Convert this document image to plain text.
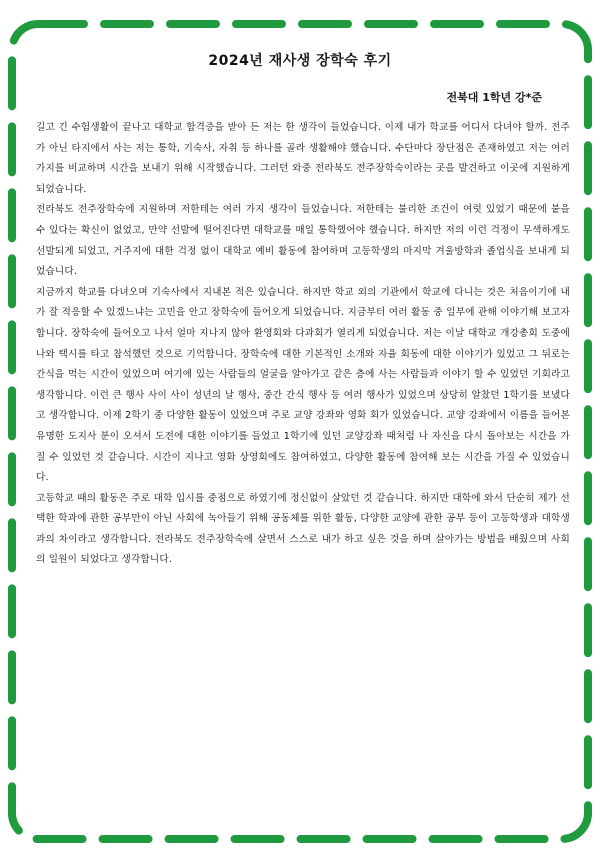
2024년 재사생 장학숙 후기
전북대 1학년 강*준

길고 긴 수험생활이 끝나고 대학교 합격증을 받아 든 저는 한 생각이 들었습니다. 이제 내가 학교를 어디서 다녀야 할까. 전주가 아닌 타지에서 사는 저는 통학, 기숙사, 자취 등 하나를 골라 생활해야 했습니다. 수단마다 장단점은 존재하였고 저는 여러 가지를 비교하며 시간을 보내기 위해 시작했습니다. 그러던 와중 전라북도 전주장학숙이라는 곳을 발견하고 이곳에 지원하게 되었습니다.

전라북도 전주장학숙에 지원하며 저한테는 여러 가지 생각이 들었습니다. 저한테는 불리한 조건이 여럿 있었기 때문에 붙을 수 있다는 확신이 없었고, 만약 선발에 떨어진다면 대학교를 매일 통학했어야 했습니다. 하지만 저의 이런 걱정이 무색하게도 선발되게 되었고, 거주지에 대한 걱정 없이 대학교 예비 활동에 참여하며 고등학생의 마지막 겨울방학과 졸업식을 보내게 되었습니다.

지금까지 학교를 다녀오며 기숙사에서 지내본 적은 있습니다. 하지만 학교 외의 기관에서 학교에 다니는 것은 처음이기에 내가 잘 적응할 수 있겠느냐는 고민을 안고 장학숙에 들어오게 되었습니다. 지금부터 여러 활동 중 일부에 관해 이야기해 보고자 합니다. 장학숙에 들어오고 나서 얼마 지나지 않아 환영회와 다과회가 열리게 되었습니다. 저는 이날 대학교 개강총회 도중에 나와 택시를 타고 참석했던 것으로 기억합니다. 장학숙에 대한 기본적인 소개와 자율 회동에 대한 이야기가 있었고 그 뒤로는 간식을 먹는 시간이 있었으며 여기에 있는 사람들의 얼굴을 알아가고 같은 층에 사는 사람들과 이야기 할 수 있었던 기회라고 생각합니다. 이런 큰 행사 사이 사이 성년의 날 행사, 중간 간식 행사 등 여러 행사가 있었으며 상당히 알찼던 1학기를 보냈다고 생각합니다. 이제 2학기 중 다양한 활동이 있었으며 주로 교양 강좌와 영화 회가 있었습니다. 교양 강좌에서 이름을 들어본 유명한 도지사 분이 오셔서 도전에 대한 이야기를 들었고 1학기에 있던 교양강좌 때처럼 나 자신을 다시 돌아보는 시간을 가질 수 있었던 것 같습니다. 시간이 지나고 영화 상영회에도 참여하였고, 다양한 활동에 참여해 보는 시간을 가질 수 있었습니다.

고등학교 때의 활동은 주로 대학 입시를 중점으로 하였기에 정신없이 살았던 것 같습니다. 하지만 대학에 와서 단순히 제가 선택한 학과에 관한 공부만이 아닌 사회에 녹아들기 위해 공동체를 위한 활동, 다양한 교양에 관한 공부 등이 고등학생과 대학생과의 차이라고 생각합니다. 전라북도 전주장학숙에 살면서 스스로 내가 하고 싶은 것을 하며 살아가는 방법을 배웠으며 사회의 일원이 되었다고 생각합니다.
